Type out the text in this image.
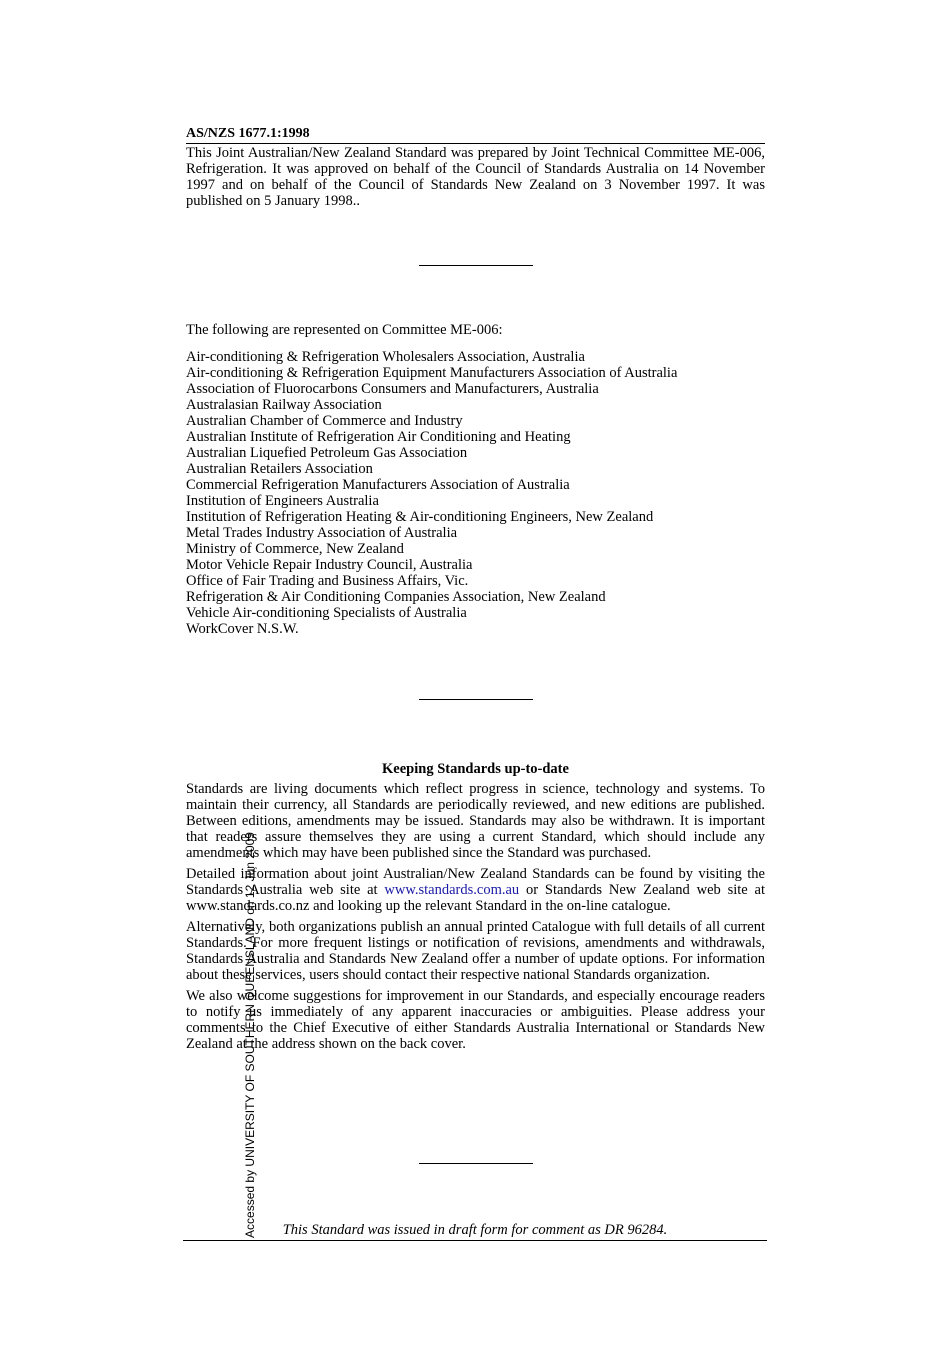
AS/NZS 1677.1:1998

This Joint Australian/New Zealand Standard was prepared by Joint Technical Committee ME-006, Refrigeration. It was approved on behalf of the Council of Standards Australia on 14 November 1997 and on behalf of the Council of Standards New Zealand on 3 November 1997. It was published on 5 January 1998..

The following are represented on Committee ME-006:

Air-conditioning & Refrigeration Wholesalers Association, Australia
Air-conditioning & Refrigeration Equipment Manufacturers Association of Australia
Association of Fluorocarbons Consumers and Manufacturers, Australia
Australasian Railway Association
Australian Chamber of Commerce and Industry
Australian Institute of Refrigeration Air Conditioning and Heating
Australian Liquefied Petroleum Gas Association
Australian Retailers Association
Commercial Refrigeration Manufacturers Association of Australia
Institution of Engineers Australia
Institution of Refrigeration Heating & Air-conditioning Engineers, New Zealand
Metal Trades Industry Association of Australia
Ministry of Commerce, New Zealand
Motor Vehicle Repair Industry Council, Australia
Office of Fair Trading and Business Affairs, Vic.
Refrigeration & Air Conditioning Companies Association, New Zealand
Vehicle Air-conditioning Specialists of Australia
WorkCover N.S.W.
Keeping Standards up-to-date

Standards are living documents which reflect progress in science, technology and systems. To maintain their currency, all Standards are periodically reviewed, and new editions are published. Between editions, amendments may be issued. Standards may also be withdrawn. It is important that readers assure themselves they are using a current Standard, which should include any amendments which may have been published since the Standard was purchased.

Detailed information about joint Australian/New Zealand Standards can be found by visiting the Standards Australia web site at www.standards.com.au or Standards New Zealand web site at www.standards.co.nz and looking up the relevant Standard in the on-line catalogue.

Alternatively, both organizations publish an annual printed Catalogue with full details of all current Standards. For more frequent listings or notification of revisions, amendments and withdrawals, Standards Australia and Standards New Zealand offer a number of update options. For information about these services, users should contact their respective national Standards organization.

We also welcome suggestions for improvement in our Standards, and especially encourage readers to notify us immediately of any apparent inaccuracies or ambiguities. Please address your comments to the Chief Executive of either Standards Australia International or Standards New Zealand at the address shown on the back cover.

This Standard was issued in draft form for comment as DR 96284.
Accessed by UNIVERSITY OF SOUTHERN QUEENSLAND on 12 Jun 2009
